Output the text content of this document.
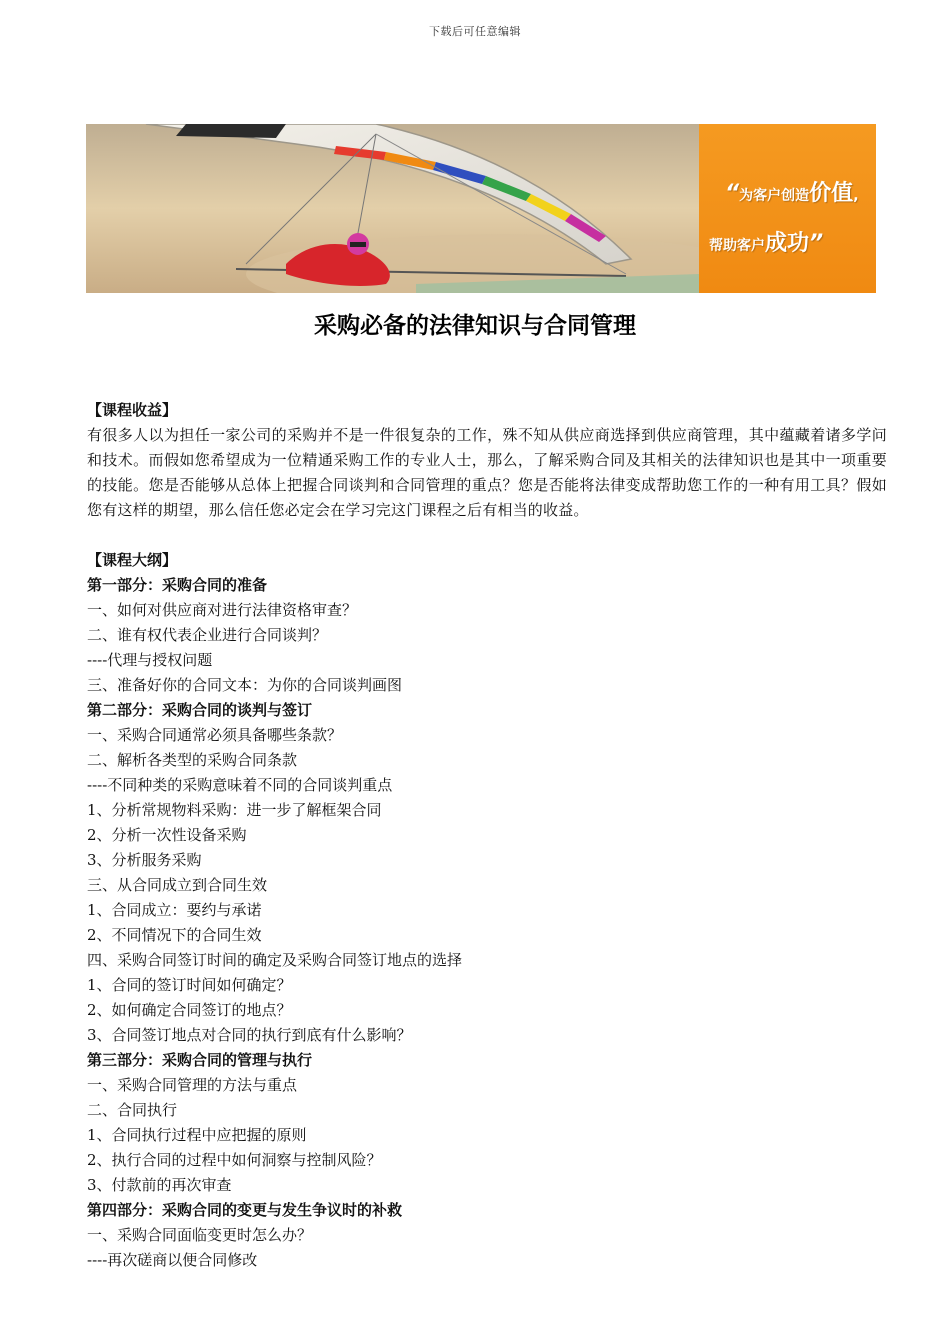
下载后可任意编辑
“为客户创造价值,
帮助客户成功”
采购必备的法律知识与合同管理
【课程收益】
有很多人以为担任一家公司的采购并不是一件很复杂的工作，殊不知从供应商选择到供应商管理，其中蕴藏着诸多学问和技术。而假如您希望成为一位精通采购工作的专业人士，那么，了解采购合同及其相关的法律知识也是其中一项重要的技能。您是否能够从总体上把握合同谈判和合同管理的重点？您是否能将法律变成帮助您工作的一种有用工具？假如您有这样的期望，那么信任您必定会在学习完这门课程之后有相当的收益。
【课程大纲】
第一部分：采购合同的准备
一、如何对供应商对进行法律资格审查？
二、谁有权代表企业进行合同谈判？
----代理与授权问题
三、准备好你的合同文本：为你的合同谈判画图
第二部分：采购合同的谈判与签订
一、采购合同通常必须具备哪些条款？
二、解析各类型的采购合同条款
----不同种类的采购意味着不同的合同谈判重点
1、分析常规物料采购：进一步了解框架合同
2、分析一次性设备采购
3、分析服务采购
三、从合同成立到合同生效
1、合同成立：要约与承诺
2、不同情况下的合同生效
四、采购合同签订时间的确定及采购合同签订地点的选择
1、合同的签订时间如何确定？
2、如何确定合同签订的地点？
3、合同签订地点对合同的执行到底有什么影响？
第三部分：采购合同的管理与执行
一、采购合同管理的方法与重点
二、合同执行
1、合同执行过程中应把握的原则
2、执行合同的过程中如何洞察与控制风险？
3、付款前的再次审查
第四部分：采购合同的变更与发生争议时的补救
一、采购合同面临变更时怎么办？
----再次磋商以便合同修改
